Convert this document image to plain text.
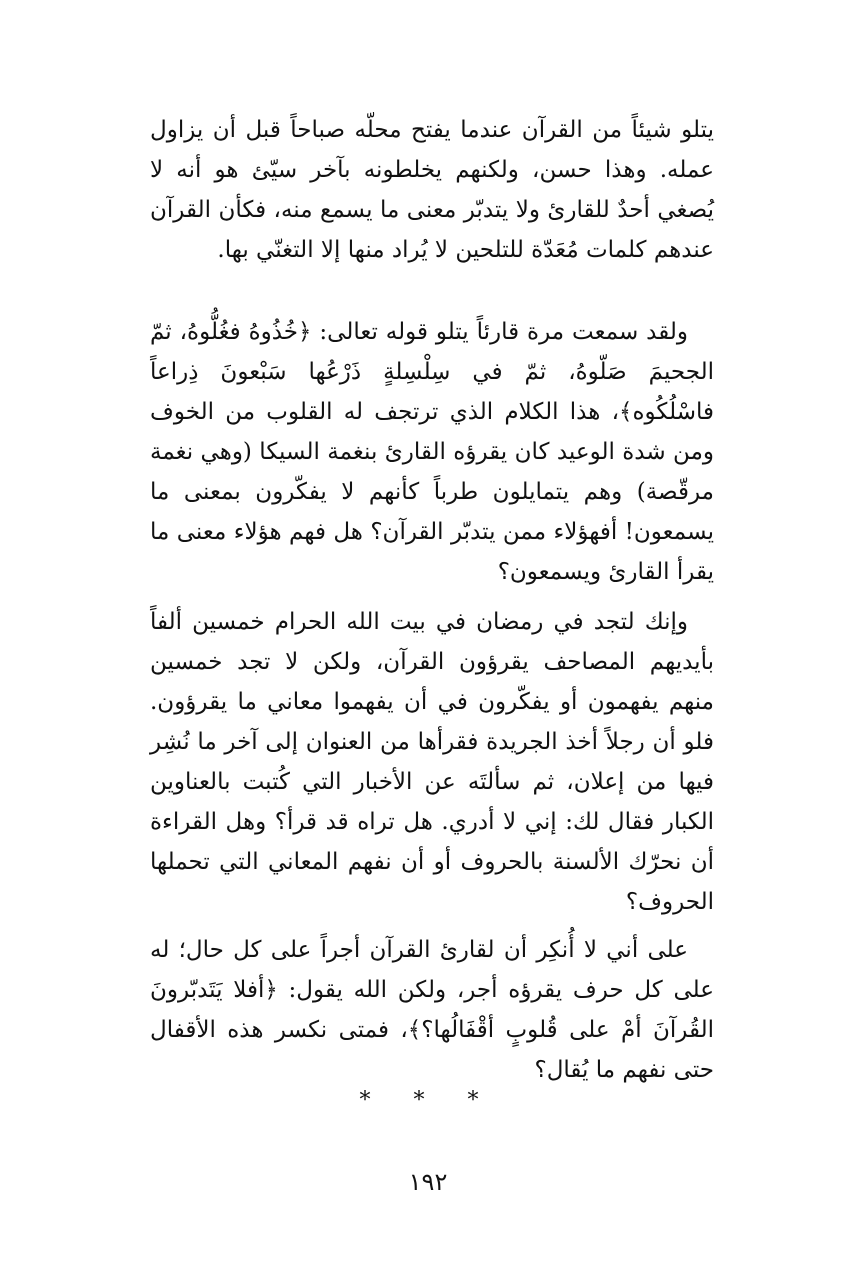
يتلو شيئاً من القرآن عندما يفتح محلّه صباحاً قبل أن يزاول عمله. وهذا حسن، ولكنهم يخلطونه بآخر سيّئ هو أنه لا يُصغي أحدٌ للقارئ ولا يتدبّر معنى ما يسمع منه، فكأن القرآن عندهم كلمات مُعَدّة للتلحين لا يُراد منها إلا التغنّي بها.

ولقد سمعت مرة قارئاً يتلو قوله تعالى: ﴿خُذُوهُ فغُلُّوهُ، ثمّ الجحيمَ صَلّوهُ، ثمّ في سِلْسِلةٍ ذَرْعُها سَبْعونَ ذِراعاً فاسْلُكُوه﴾، هذا الكلام الذي ترتجف له القلوب من الخوف ومن شدة الوعيد كان يقرؤه القارئ بنغمة السيكا (وهي نغمة مرقّصة) وهم يتمايلون طرباً كأنهم لا يفكّرون بمعنى ما يسمعون! أفهؤلاء ممن يتدبّر القرآن؟ هل فهم هؤلاء معنى ما يقرأ القارئ ويسمعون؟

وإنك لتجد في رمضان في بيت الله الحرام خمسين ألفاً بأيديهم المصاحف يقرؤون القرآن، ولكن لا تجد خمسين منهم يفهمون أو يفكّرون في أن يفهموا معاني ما يقرؤون. فلو أن رجلاً أخذ الجريدة فقرأها من العنوان إلى آخر ما نُشِر فيها من إعلان، ثم سألتَه عن الأخبار التي كُتبت بالعناوين الكبار فقال لك: إني لا أدري. هل تراه قد قرأ؟ وهل القراءة أن نحرّك الألسنة بالحروف أو أن نفهم المعاني التي تحملها الحروف؟

على أني لا أُنكِر أن لقارئ القرآن أجراً على كل حال؛ له على كل حرف يقرؤه أجر، ولكن الله يقول: ﴿أفلا يَتَدبّرونَ القُرآنَ أمْ على قُلوبٍ أقْفَالُها؟﴾، فمتى نكسر هذه الأقفال حتى نفهم ما يُقال؟

* * *
١٩٢
